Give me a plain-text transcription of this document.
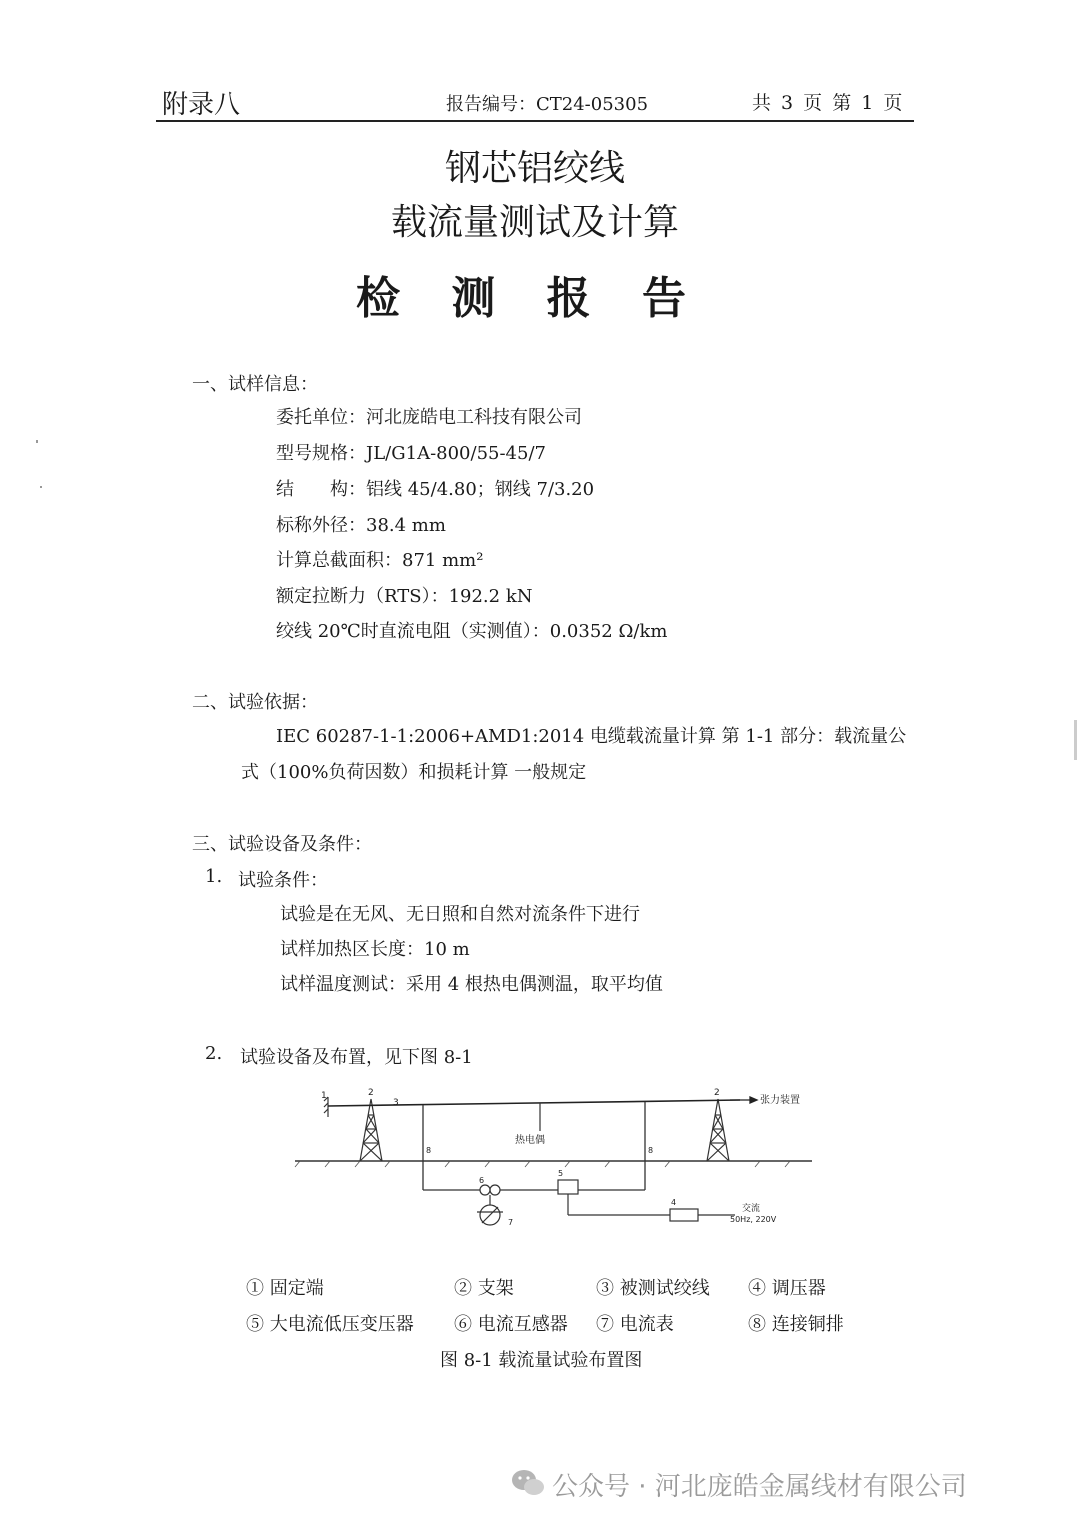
附录八	报告编号：CT24-05305	共 3 页 第 1 页
钢芯铝绞线
载流量测试及计算
检 测 报 告
一、试样信息：
委托单位：河北庞皓电工科技有限公司
型号规格：JL/G1A-800/55-45/7
结　　构：铝线 45/4.80；钢线 7/3.20
标称外径：38.4 mm
计算总截面积：871 mm²
额定拉断力（RTS）：192.2 kN
绞线 20℃时直流电阻（实测值）：0.0352 Ω/km
二、试验依据：
IEC 60287-1-1:2006+AMD1:2014 电缆载流量计算 第 1-1 部分：载流量公
式（100%负荷因数）和损耗计算 一般规定
三、试验设备及条件：
1. 试验条件：
试验是在无风、无日照和自然对流条件下进行
试样加热区长度：10 m
试样温度测试：采用 4 根热电偶测温，取平均值
2. 试验设备及布置，见下图 8-1
1	2
3
2
张力装置
热电偶
8	8
6
5
7
4
交流
50Hz, 220V
① 固定端	② 支架	③ 被测试绞线 ④ 调压器
⑤ 大电流低压变压器 ⑥ 电流互感器 ⑦ 电流表	⑧ 连接铜排
图 8-1 载流量试验布置图
公众号 · 河北庞皓金属线材有限公司
